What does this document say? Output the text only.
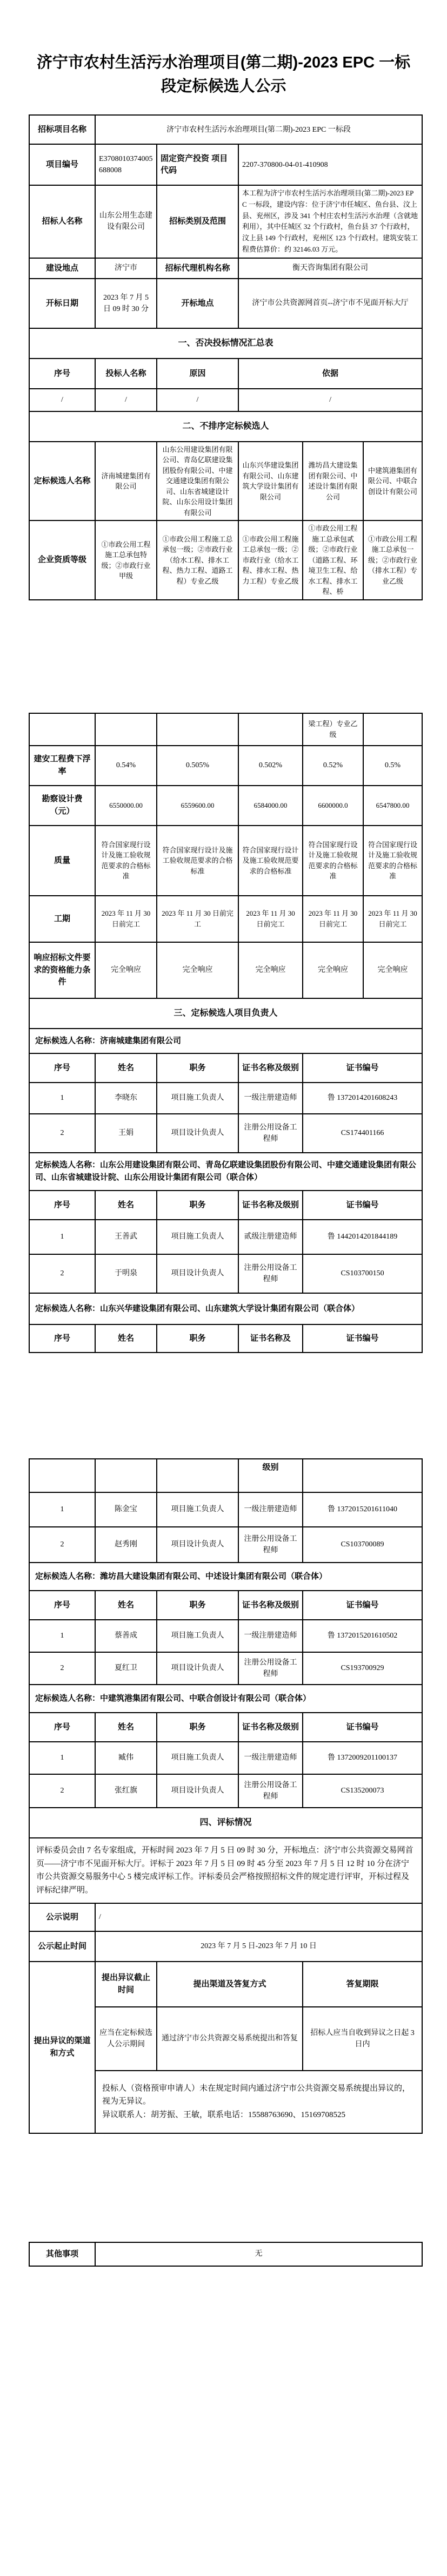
济宁市农村生活污水治理项目(第二期)-2023 EPC 一标段定标候选人公示
招标项目名称	济宁市农村生活污水治理项目(第二期)-2023 EPC 一标段		
项目编号	E3708010374005688008	固定资产投资 项目代码	2207-370800-04-01-410908
招标人名称	山东公用生态建设有限公司	招标类别及范围	本工程为济宁市农村生活污水治理项目(第二期)-2023 EPC 一标段，建设内容：位于济宁市任城区、鱼台县、汶上县、兖州区，涉及 341 个村庄农村生活污水治理（含就地利用），其中任城区 32 个行政村，鱼台县 37 个行政村，汶上县 149 个行政村，兖州区 123 个行政村。建筑安装工程费估算价：约 32146.03 万元。
建设地点	济宁市	招标代理机构名称	衡天咨询集团有限公司
开标日期	2023 年 7 月 5 日 09 时 30 分	开标地点	济宁市公共资源网首页--济宁市不见面开标大厅
一、否决投标情况汇总表			
序号	投标人名称	原因	依据
/	/	/	/
二、不排序定标候选人			
定标候选人名称	济南城建集团有限公司	山东公用建设集团有限公司、青岛亿联建设集团股份有限公司、中建交通建设集团有限公司、山东省城建设计院、山东公用设计集团有限公司	山东兴华建设集团有限公司、山东建筑大学设计集团有限公司	潍坊昌大建设集团有限公司、中述设计集团有限公司	中建筑港集团有限公司、中联合创设计有限公司
企业资质等级	①市政公用工程施工总承包特级；②市政行业甲级	①市政公用工程施工总承包一级；②市政行业（给水工程、排水工程、热力工程、道路工程）专业乙级	①市政公用工程施工总承包一级；②市政行业（给水工程、排水工程、热力工程）专业乙级	①市政公用工程施工总承包贰级；②市政行业（道路工程、环境卫生工程、给水工程、排水工程、桥	①市政公用工程施工总承包一级；②市政行业（排水工程）专业乙级
				梁工程）专业乙级	
建安工程费下浮率	0.54%	0.505%	0.502%	0.52%	0.5%
勘察设计费（元）	6550000.00	6559600.00	6584000.00	6600000.0	6547800.00
质量	符合国家现行设计及施工验收规范要求的合格标准	符合国家现行设计及施工验收规范要求的合格标准	符合国家现行设计及施工验收规范要求的合格标准	符合国家现行设计及施工验收规范要求的合格标准	符合国家现行设计及施工验收规范要求的合格标准
工期	2023 年 11 月 30 日前完工	2023 年 11 月 30 日前完工	2023 年 11 月 30 日前完工	2023 年 11 月 30 日前完工	2023 年 11 月 30 日前完工
响应招标文件要求的资格能力条件	完全响应	完全响应	完全响应	完全响应	完全响应
三、定标候选人项目负责人					
定标候选人名称：济南城建集团有限公司				
序号	姓名	职务	证书名称及级别	证书编号
1	李晓东	项目施工负责人	一级注册建造师	鲁 1372014201608243
2	王娟	项目设计负责人	注册公用设备工程师	CS174401166
定标候选人名称：山东公用建设集团有限公司、青岛亿联建设集团股份有限公司、中建交通建设集团有限公司、山东省城建设计院、山东公用设计集团有限公司（联合体）				
序号	姓名	职务	证书名称及级别	证书编号
1	王善武	项目施工负责人	贰级注册建造师	鲁 1442014201844189
2	于明泉	项目设计负责人	注册公用设备工程师	CS103700150
定标候选人名称：山东兴华建设集团有限公司、山东建筑大学设计集团有限公司（联合体）				
序号	姓名	职务	证书名称及	证书编号
			级别	
1	陈金宝	项目施工负责人	一级注册建造师	鲁 1372015201611040
2	赵秀刚	项目设计负责人	注册公用设备工程师	CS103700089
定标候选人名称：潍坊昌大建设集团有限公司、中述设计集团有限公司（联合体）				
序号	姓名	职务	证书名称及级别	证书编号
1	蔡善成	项目施工负责人	一级注册建造师	鲁 1372015201610502
2	夏红卫	项目设计负责人	注册公用设备工程师	CS193700929
定标候选人名称：中建筑港集团有限公司、中联合创设计有限公司（联合体）				
序号	姓名	职务	证书名称及级别	证书编号
1	臧伟	项目施工负责人	一级注册建造师	鲁 1372009201100137
2	张红旗	项目设计负责人	注册公用设备工程师	CS135200073
四、评标情况				
评标委员会由 7 名专家组成，开标时间 2023 年 7 月 5 日 09 时 30 分，开标地点：济宁市公共资源交易网首页——济宁市不见面开标大厅。评标于 2023 年 7 月 5 日 09 时 45 分至 2023 年 7 月 5 日 12 时 10 分在济宁市公共资源交易服务中心 5 楼完成评标工作。评标委员会严格按照招标文件的规定进行评审，开标过程及评标纪律严明。				
公示说明	/
公示起止时间	2023 年 7 月 5 日-2023 年 7 月 10 日
提出异议的渠道和方式	提出异议截止时间	提出渠道及答复方式	答复期限
	应当在定标候选人公示期间	通过济宁市公共资源交易系统提出和答复	招标人应当自收到异议之日起 3 日内

	投标人（资格预审申请人）未在规定时间内通过济宁市公共资源交易系统提出异议的，视为无异议。
异议联系人：胡芳振、王敏，联系电话：15588763690、15169708525		
其他事项	无
